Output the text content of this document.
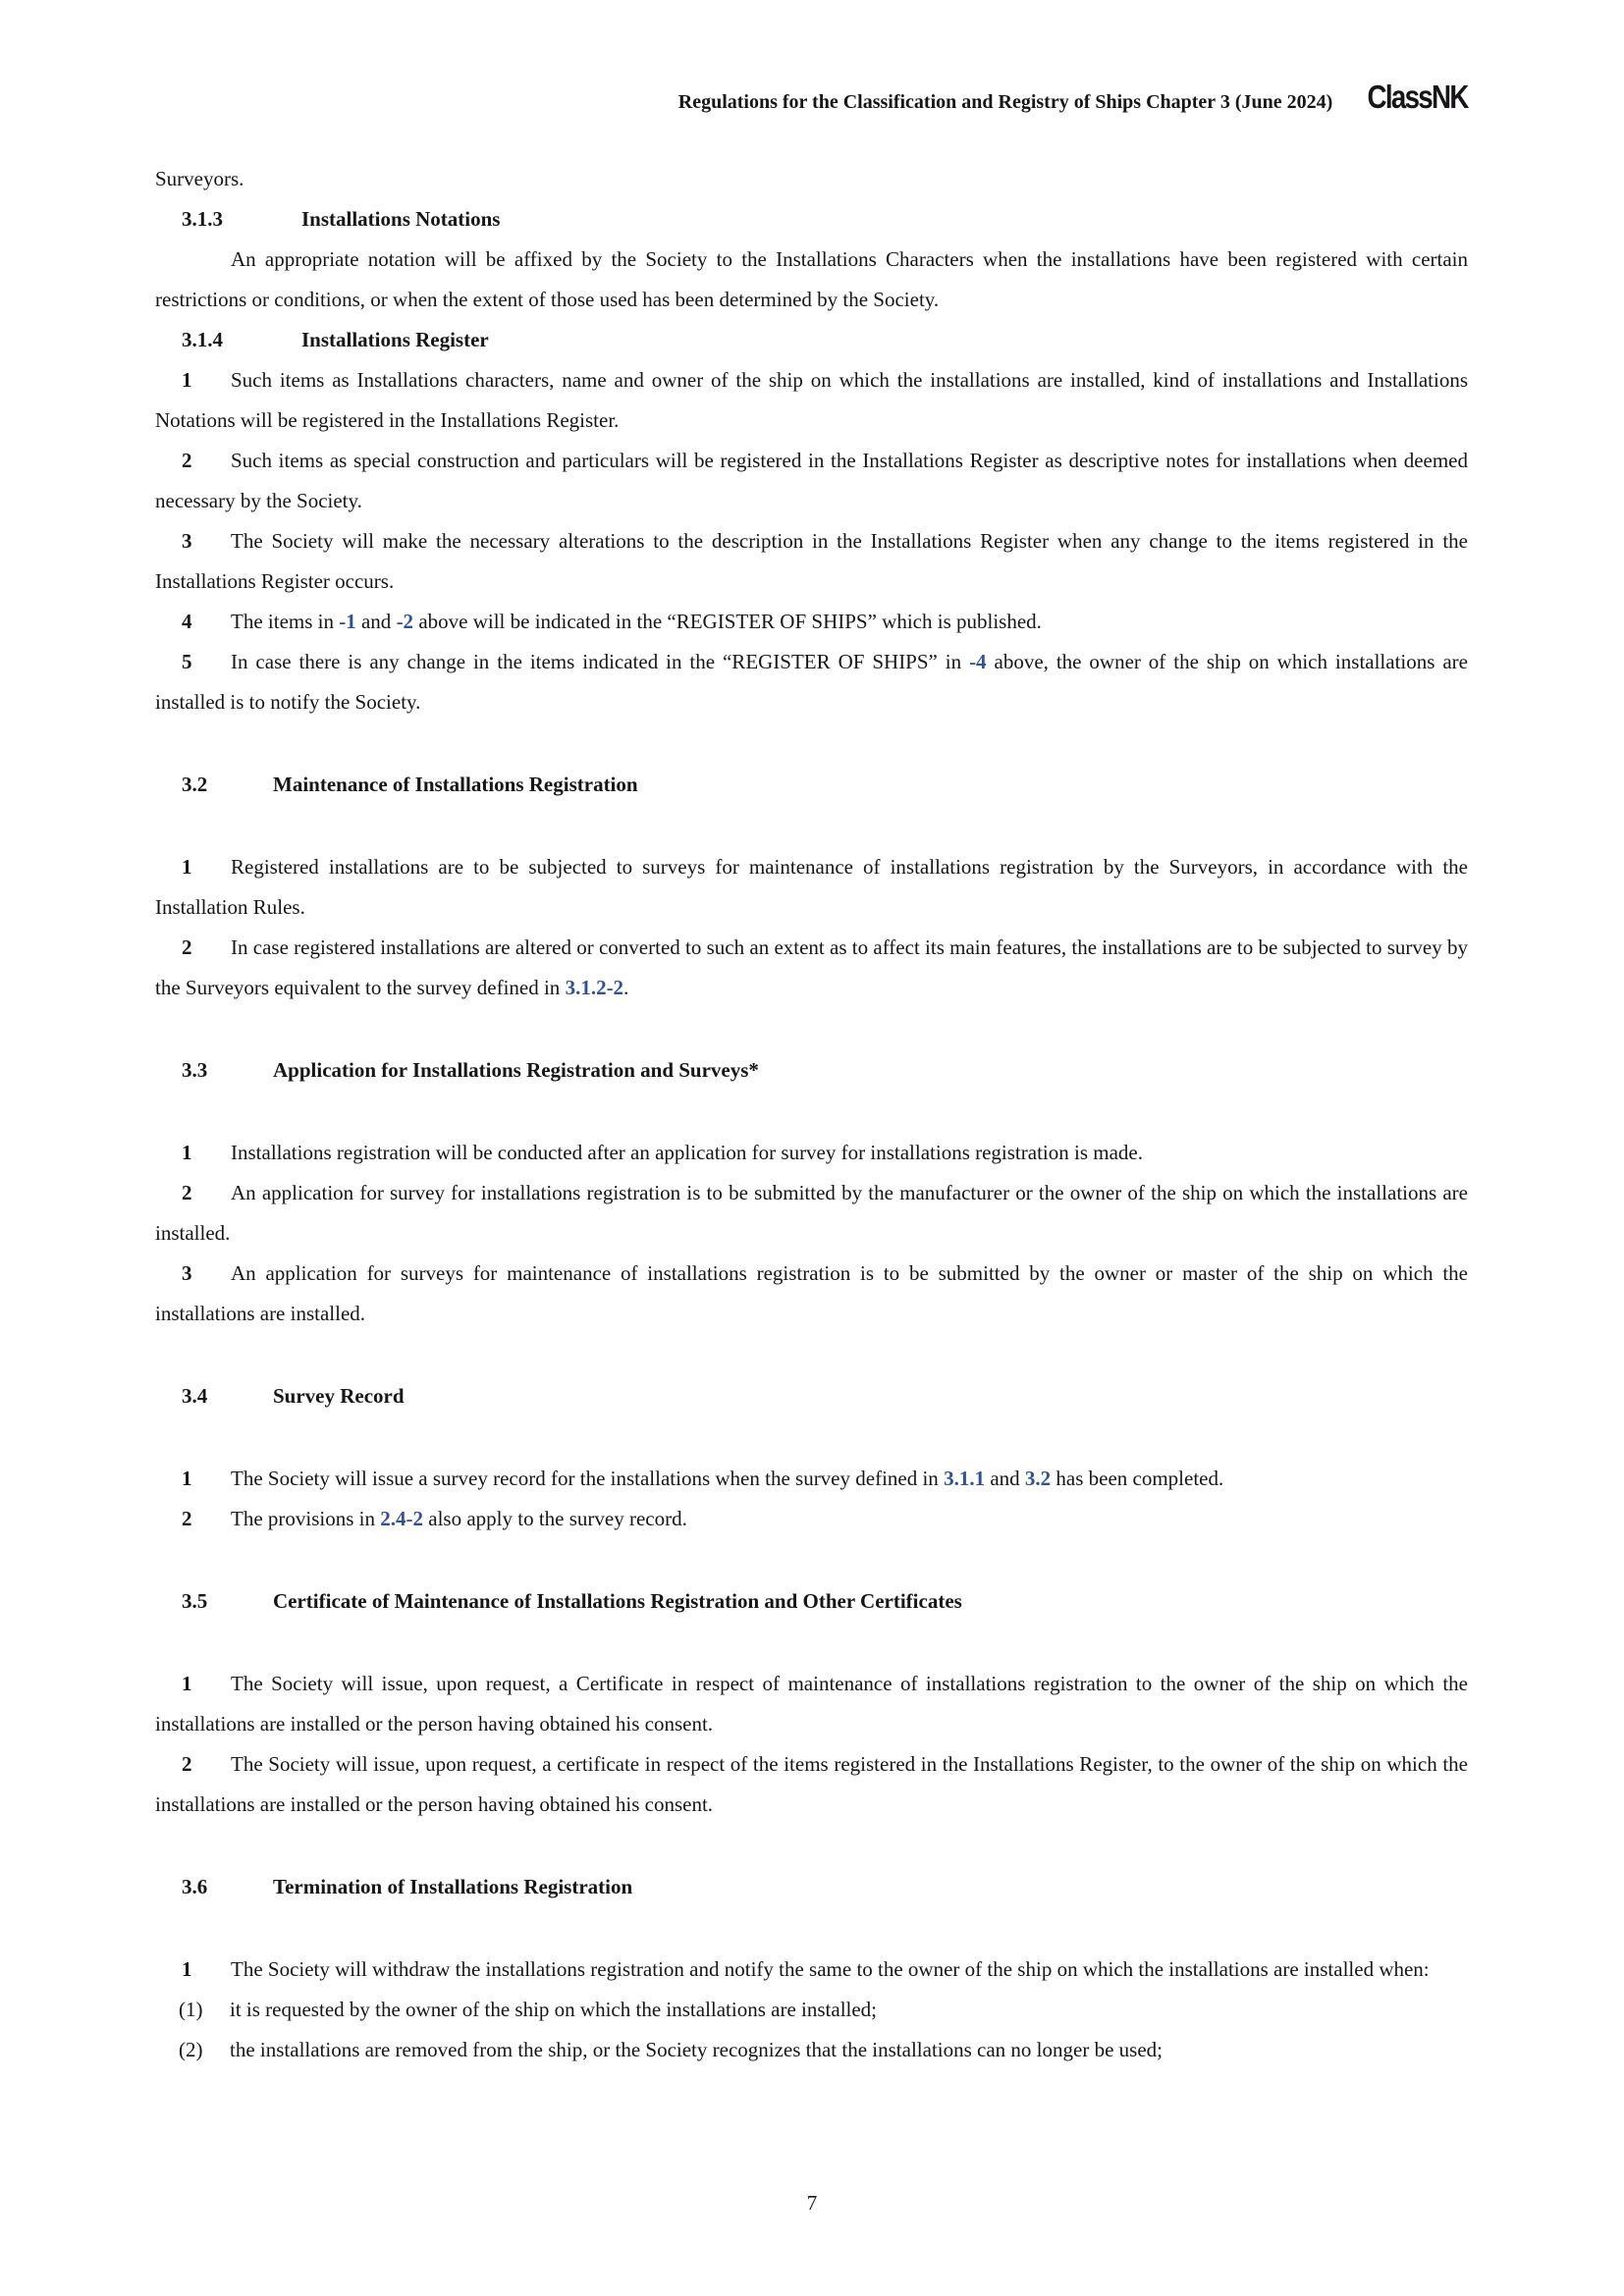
Regulations for the Classification and Registry of Ships Chapter 3 (June 2024) ClassNK
Surveyors.
3.1.3	Installations Notations
An appropriate notation will be affixed by the Society to the Installations Characters when the installations have been registered with certain restrictions or conditions, or when the extent of those used has been determined by the Society.
3.1.4	Installations Register
1 Such items as Installations characters, name and owner of the ship on which the installations are installed, kind of installations and Installations Notations will be registered in the Installations Register.
2 Such items as special construction and particulars will be registered in the Installations Register as descriptive notes for installations when deemed necessary by the Society.
3 The Society will make the necessary alterations to the description in the Installations Register when any change to the items registered in the Installations Register occurs.
4 The items in -1 and -2 above will be indicated in the “REGISTER OF SHIPS” which is published.
5 In case there is any change in the items indicated in the “REGISTER OF SHIPS” in -4 above, the owner of the ship on which installations are installed is to notify the Society.
3.2	Maintenance of Installations Registration
1 Registered installations are to be subjected to surveys for maintenance of installations registration by the Surveyors, in accordance with the Installation Rules.
2 In case registered installations are altered or converted to such an extent as to affect its main features, the installations are to be subjected to survey by the Surveyors equivalent to the survey defined in 3.1.2-2.
3.3	Application for Installations Registration and Surveys*
1 Installations registration will be conducted after an application for survey for installations registration is made.
2 An application for survey for installations registration is to be submitted by the manufacturer or the owner of the ship on which the installations are installed.
3 An application for surveys for maintenance of installations registration is to be submitted by the owner or master of the ship on which the installations are installed.
3.4	Survey Record
1 The Society will issue a survey record for the installations when the survey defined in 3.1.1 and 3.2 has been completed.
2 The provisions in 2.4-2 also apply to the survey record.
3.5	Certificate of Maintenance of Installations Registration and Other Certificates
1 The Society will issue, upon request, a Certificate in respect of maintenance of installations registration to the owner of the ship on which the installations are installed or the person having obtained his consent.
2 The Society will issue, upon request, a certificate in respect of the items registered in the Installations Register, to the owner of the ship on which the installations are installed or the person having obtained his consent.
3.6	Termination of Installations Registration
1 The Society will withdraw the installations registration and notify the same to the owner of the ship on which the installations are installed when:
(1) it is requested by the owner of the ship on which the installations are installed;
(2) the installations are removed from the ship, or the Society recognizes that the installations can no longer be used;
7
